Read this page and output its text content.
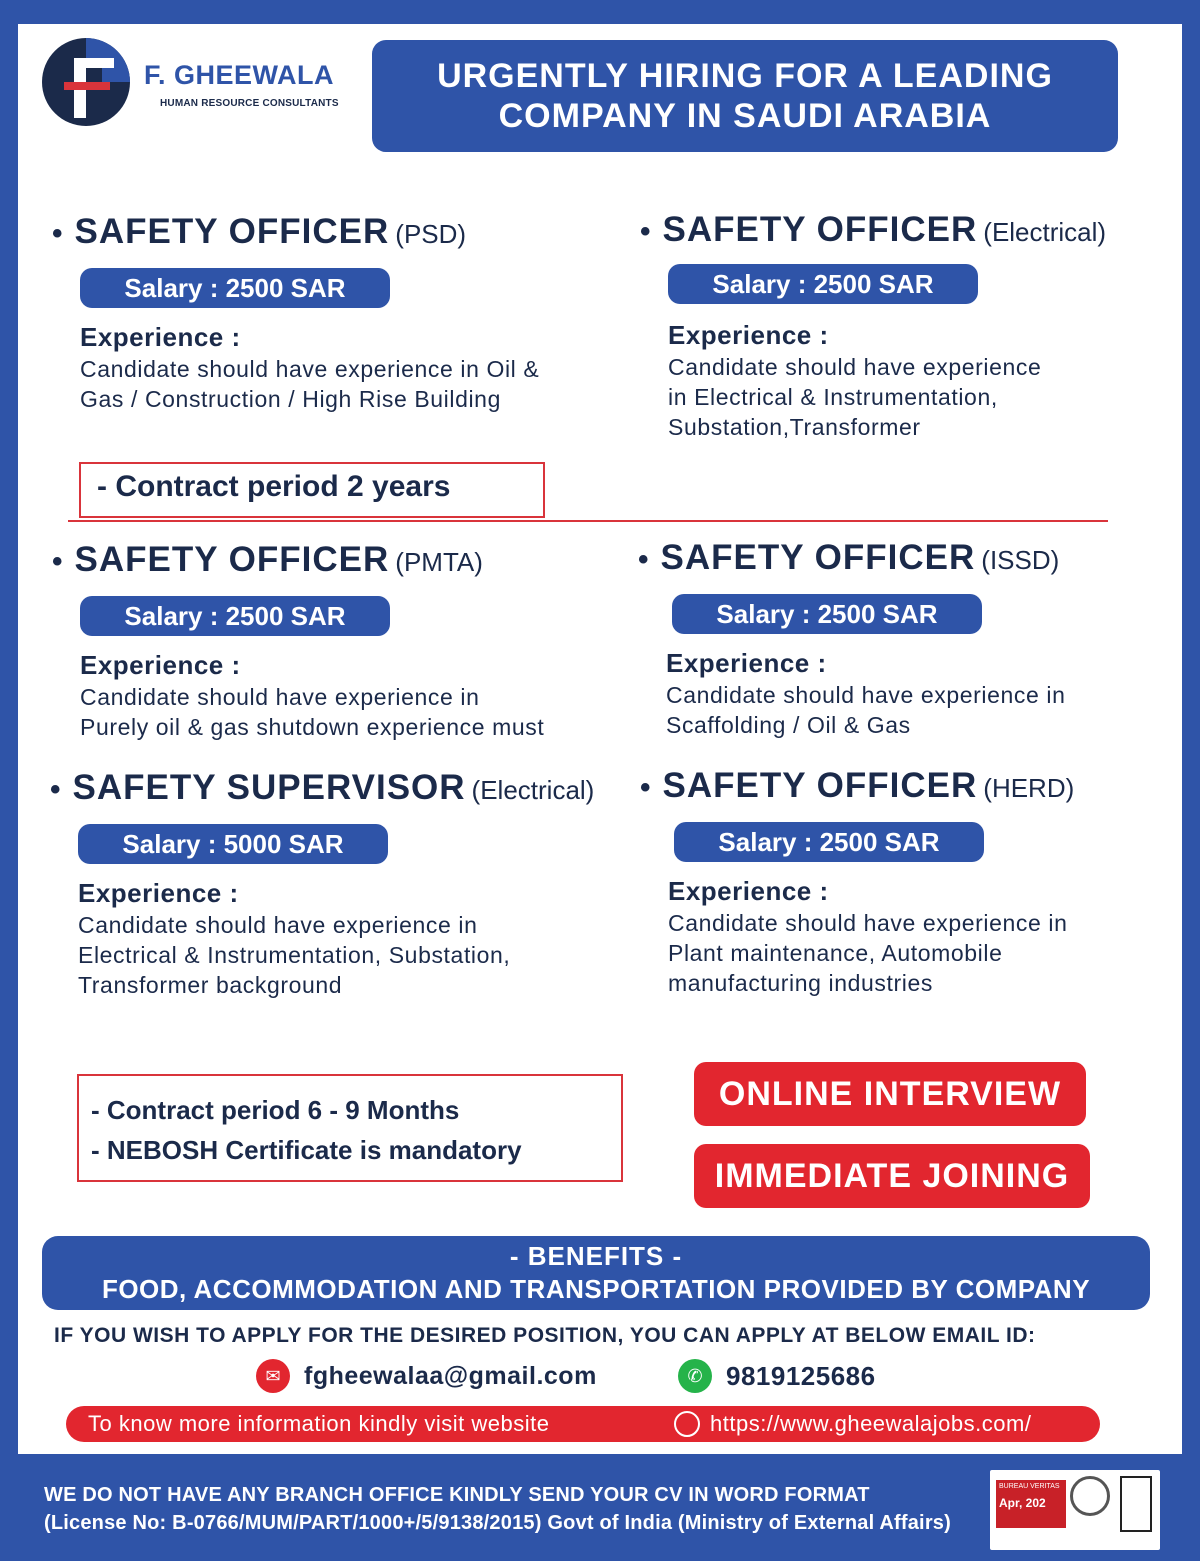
F. GHEEWALA
HUMAN RESOURCE CONSULTANTS
URGENTLY HIRING FOR A LEADING
COMPANY IN SAUDI ARABIA
• SAFETY OFFICER (PSD)
Salary : 2500 SAR
Experience :
Candidate should have experience in Oil &
Gas / Construction / High Rise Building
- Contract period 2 years
• SAFETY OFFICER (Electrical)
Salary : 2500 SAR
Experience :
Candidate should have experience
in Electrical & Instrumentation,
Substation,Transformer
• SAFETY OFFICER (PMTA)
Salary : 2500 SAR
Experience :
Candidate should have experience in
Purely oil & gas shutdown experience must
• SAFETY OFFICER (ISSD)
Salary : 2500 SAR
Experience :
Candidate should have experience in
Scaffolding / Oil & Gas
• SAFETY SUPERVISOR (Electrical)
Salary : 5000 SAR
Experience :
Candidate should have experience in
Electrical & Instrumentation, Substation,
Transformer background
• SAFETY OFFICER (HERD)
Salary : 2500 SAR
Experience :
Candidate should have experience in
Plant maintenance, Automobile
manufacturing industries
- Contract period 6 - 9 Months
- NEBOSH Certificate is mandatory
ONLINE INTERVIEW
IMMEDIATE JOINING
- BENEFITS -
FOOD, ACCOMMODATION AND TRANSPORTATION PROVIDED BY COMPANY
IF YOU WISH TO APPLY FOR THE DESIRED POSITION, YOU CAN APPLY AT BELOW EMAIL ID:
✉ fgheewalaa@gmail.com	✆ 9819125686
To know more information kindly visit website	https://www.gheewalajobs.com/
WE DO NOT HAVE ANY BRANCH OFFICE KINDLY SEND YOUR CV IN WORD FORMAT
(License No: B-0766/MUM/PART/1000+/5/9138/2015) Govt of India (Ministry of External Affairs)
BUREAU VERITAS
Apr, 202
